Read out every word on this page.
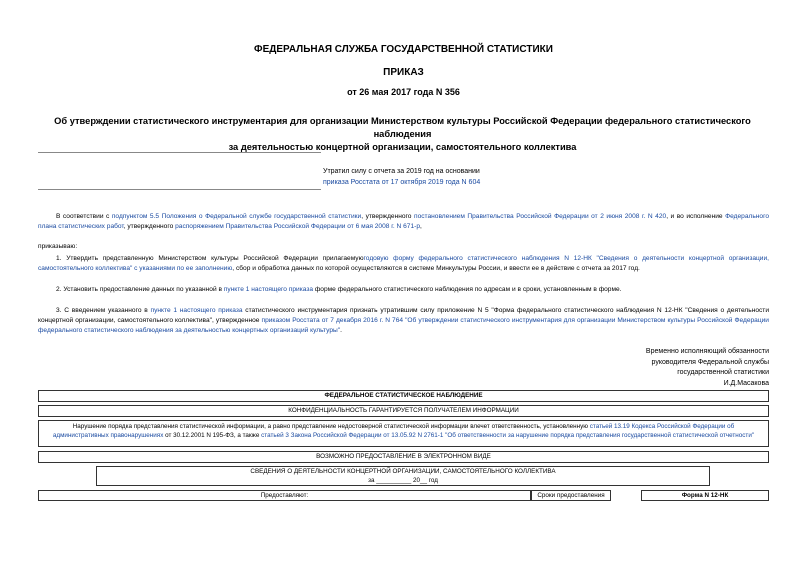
ФЕДЕРАЛЬНАЯ СЛУЖБА ГОСУДАРСТВЕННОЙ СТАТИСТИКИ
ПРИКАЗ
от 26 мая 2017 года N 356
Об утверждении статистического инструментария для организации Министерством культуры Российской Федерации федерального статистического наблюдения
за деятельностью концертной организации, самостоятельного коллектива
Утратил силу с отчета за 2019 год на основании
приказа Росстата от 17 октября 2019 года N 604
В соответствии с подпунктом 5.5 Положения о Федеральной службе государственной статистики, утвержденного постановлением Правительства Российской Федерации от 2 июня 2008 г. N 420, и во исполнение Федерального плана статистических работ, утвержденного распоряжением Правительства Российской Федерации от 6 мая 2008 г. N 671-р,
приказываю:
1. Утвердить представленную Министерством культуры Российской Федерации прилагаемуюгодовую форму федерального статистического наблюдения N 12-НК "Сведения о деятельности концертной организации, самостоятельного коллектива" с указаниями по ее заполнению, сбор и обработка данных по которой осуществляются в системе Минкультуры России, и ввести ее в действие с отчета за 2017 год.
2. Установить предоставление данных по указанной в пункте 1 настоящего приказа форме федерального статистического наблюдения по адресам и в сроки, установленным в форме.
3. С введением указанного в пункте 1 настоящего приказа статистического инструментария признать утратившим силу приложение N 5 "Форма федерального статистического наблюдения N 12-НК "Сведения о деятельности концертной организации, самостоятельного коллектива", утвержденное приказом Росстата от 7 декабря 2016 г. N 764 "Об утверждении статистического инструментария для организации Министерством культуры Российской Федерации федерального статистического наблюдения за деятельностью концертных организаций культуры".
Временно исполняющий обязанности
руководителя Федеральной службы
государственной статистики
И.Д.Масакова
ФЕДЕРАЛЬНОЕ СТАТИСТИЧЕСКОЕ НАБЛЮДЕНИЕ
КОНФИДЕНЦИАЛЬНОСТЬ ГАРАНТИРУЕТСЯ ПОЛУЧАТЕЛЕМ ИНФОРМАЦИИ
Нарушение порядка представления статистической информации, а равно представление недостоверной статистической информации влечет ответственность, установленную статьей 13.19 Кодекса Российской Федерации об административных правонарушениях от 30.12.2001 N 195-ФЗ, а также статьей 3 Закона Российской Федерации от 13.05.92 N 2761-1 "Об ответственности за нарушение порядка представления государственной статистической отчетности"
ВОЗМОЖНО ПРЕДОСТАВЛЕНИЕ В ЭЛЕКТРОННОМ ВИДЕ
СВЕДЕНИЯ О ДЕЯТЕЛЬНОСТИ КОНЦЕРТНОЙ ОРГАНИЗАЦИИ, САМОСТОЯТЕЛЬНОГО КОЛЛЕКТИВА
за __________ 20__ год
Предоставляют:	Сроки предоставления	Форма N 12-НК
